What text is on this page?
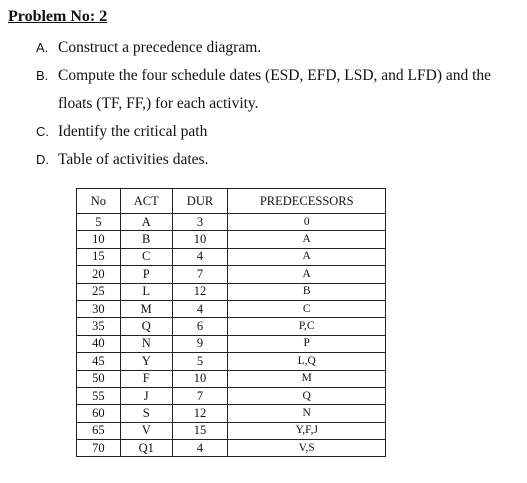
Problem No: 2
A. Construct a precedence diagram.
B. Compute the four schedule dates (ESD, EFD, LSD, and LFD) and the floats (TF, FF,) for each activity.
C. Identify the critical path
D. Table of activities dates.
No	ACT	DUR	PREDECESSORS
5	A	3	0
10	B	10	A
15	C	4	A
20	P	7	A
25	L	12	B
30	M	4	C
35	Q	6	P,C
40	N	9	P
45	Y	5	L,Q
50	F	10	M
55	J	7	Q
60	S	12	N
65	V	15	Y,F,J
70	Q1	4	V,S
